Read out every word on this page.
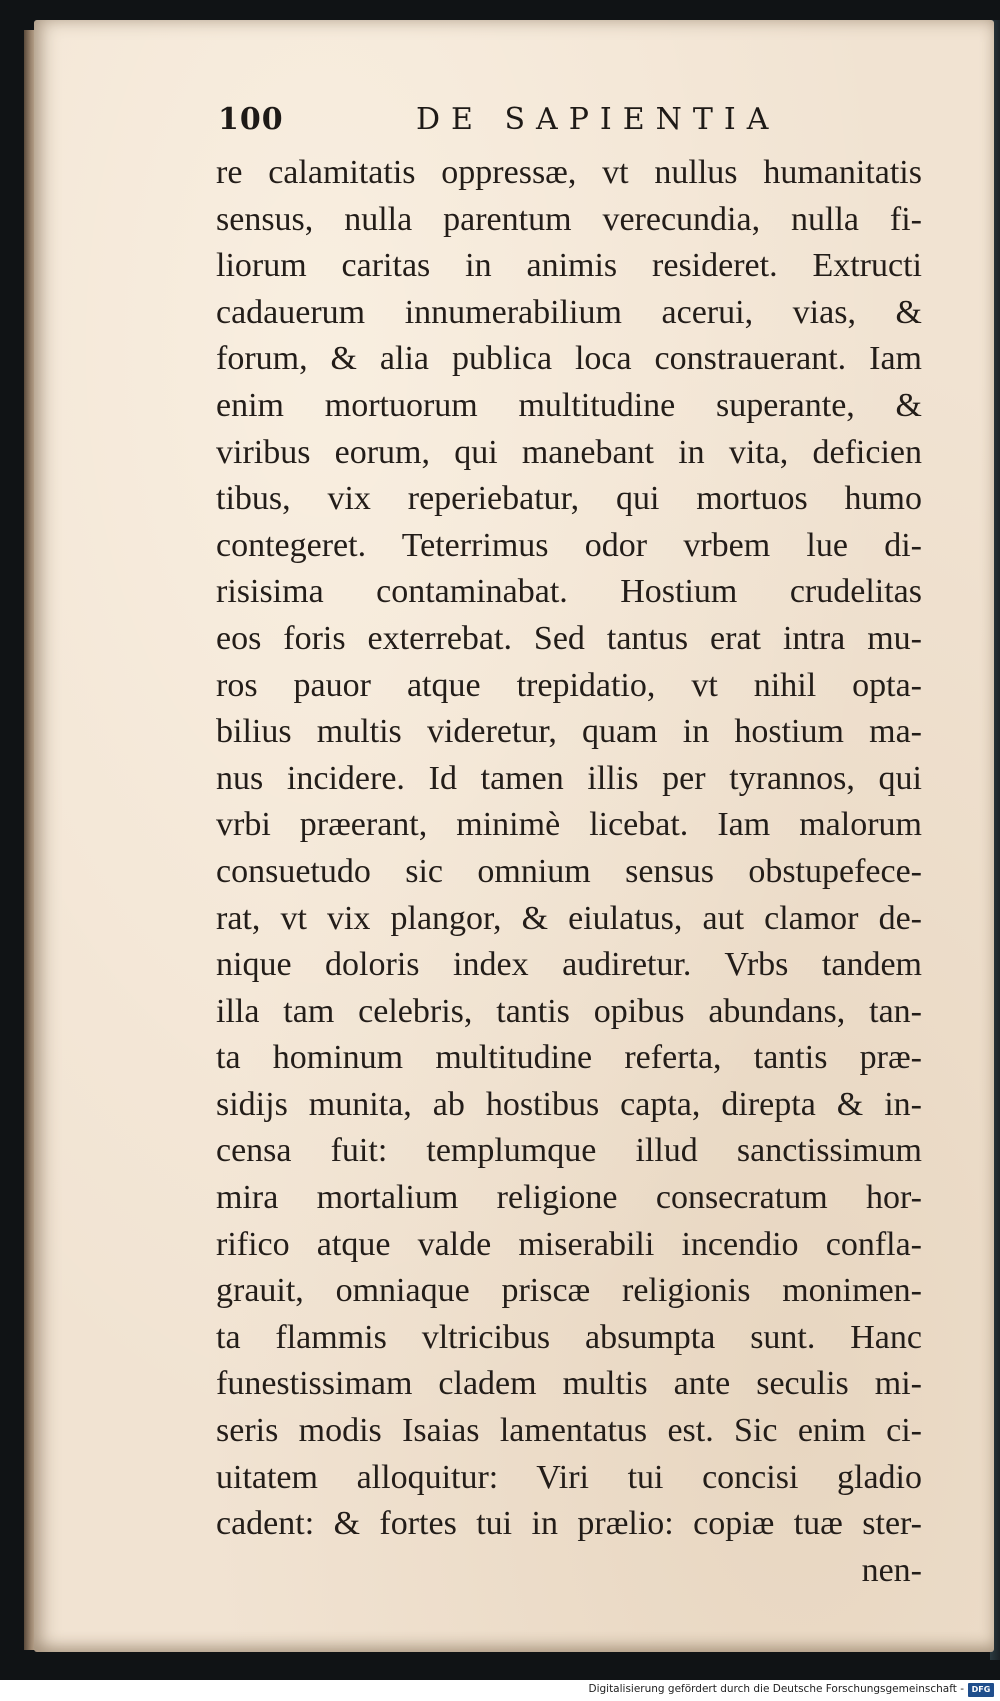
100	DE SAPIENTIA
re calamitatis oppressæ, vt nullus humanitatis
sensus, nulla parentum verecundia, nulla fi-
liorum caritas in animis resideret. Extructi
cadauerum innumerabilium acerui, vias, &
forum, & alia publica loca constrauerant. Iam
enim mortuorum multitudine superante, &
viribus eorum, qui manebant in vita, deficien
tibus, vix reperiebatur, qui mortuos humo
contegeret. Teterrimus odor vrbem lue di-
risisima contaminabat. Hostium crudelitas
eos foris exterrebat. Sed tantus erat intra mu-
ros pauor atque trepidatio, vt nihil opta-
bilius multis videretur, quam in hostium ma-
nus incidere. Id tamen illis per tyrannos, qui
vrbi præerant, minimè licebat. Iam malorum
consuetudo sic omnium sensus obstupefece-
rat, vt vix plangor, & eiulatus, aut clamor de-
nique doloris index audiretur. Vrbs tandem
illa tam celebris, tantis opibus abundans, tan-
ta hominum multitudine referta, tantis præ-
sidijs munita, ab hostibus capta, direpta & in-
censa fuit: templumque illud sanctissimum
mira mortalium religione consecratum hor-
rifico atque valde miserabili incendio confla-
grauit, omniaque priscæ religionis monimen-
ta flammis vltricibus absumpta sunt. Hanc
funestissimam cladem multis ante seculis mi-
seris modis Isaias lamentatus est. Sic enim ci-
uitatem alloquitur: Viri tui concisi gladio
cadent: & fortes tui in prælio: copiæ tuæ ster-
nen-
Digitalisierung gefördert durch die Deutsche Forschungsgemeinschaft - DFG
